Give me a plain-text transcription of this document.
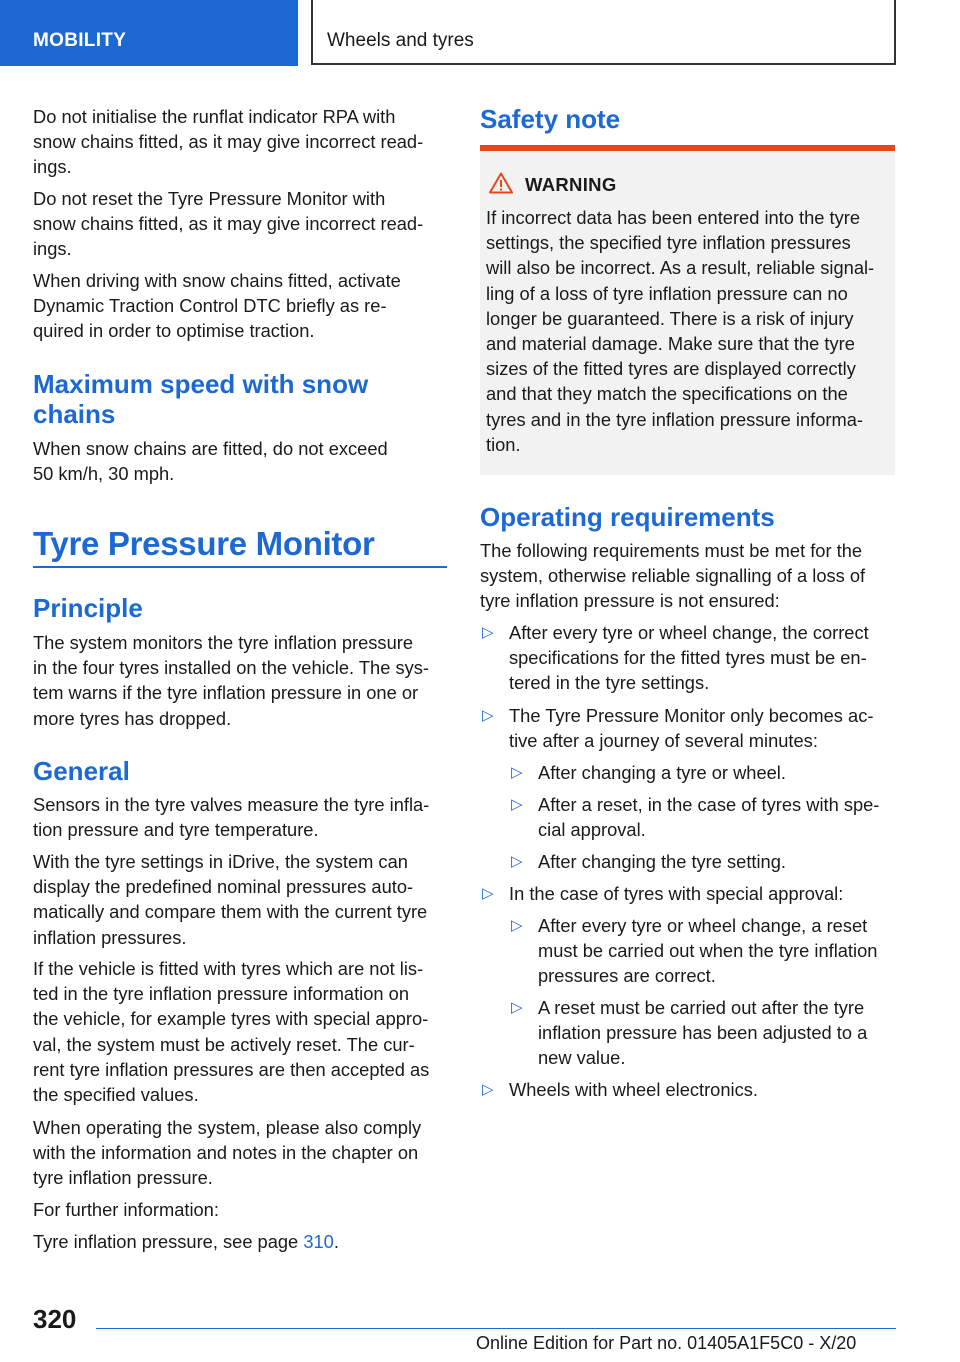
MOBILITY	Wheels and tyres
Do not initialise the runflat indicator RPA with
snow chains fitted, as it may give incorrect read-
ings.
Do not reset the Tyre Pressure Monitor with
snow chains fitted, as it may give incorrect read-
ings.
When driving with snow chains fitted, activate
Dynamic Traction Control DTC briefly as re-
quired in order to optimise traction.
Maximum speed with snow
chains
When snow chains are fitted, do not exceed
50 km/h, 30 mph.
Tyre Pressure Monitor
Principle
The system monitors the tyre inflation pressure
in the four tyres installed on the vehicle. The sys-
tem warns if the tyre inflation pressure in one or
more tyres has dropped.
General
Sensors in the tyre valves measure the tyre infla-
tion pressure and tyre temperature.
With the tyre settings in iDrive, the system can
display the predefined nominal pressures auto-
matically and compare them with the current tyre
inflation pressures.
If the vehicle is fitted with tyres which are not lis-
ted in the tyre inflation pressure information on
the vehicle, for example tyres with special appro-
val, the system must be actively reset. The cur-
rent tyre inflation pressures are then accepted as
the specified values.
When operating the system, please also comply
with the information and notes in the chapter on
tyre inflation pressure.
For further information:
Tyre inflation pressure, see page 310.
Safety note
WARNING
If incorrect data has been entered into the tyre
settings, the specified tyre inflation pressures
will also be incorrect. As a result, reliable signal-
ling of a loss of tyre inflation pressure can no
longer be guaranteed. There is a risk of injury
and material damage. Make sure that the tyre
sizes of the fitted tyres are displayed correctly
and that they match the specifications on the
tyres and in the tyre inflation pressure informa-
tion.
Operating requirements
The following requirements must be met for the
system, otherwise reliable signalling of a loss of
tyre inflation pressure is not ensured:
▷ After every tyre or wheel change, the correct
specifications for the fitted tyres must be en-
tered in the tyre settings.
▷ The Tyre Pressure Monitor only becomes ac-
tive after a journey of several minutes:
▷ After changing a tyre or wheel.
▷ After a reset, in the case of tyres with spe-
cial approval.
▷ After changing the tyre setting.
▷ In the case of tyres with special approval:
▷ After every tyre or wheel change, a reset
must be carried out when the tyre inflation
pressures are correct.
▷ A reset must be carried out after the tyre
inflation pressure has been adjusted to a
new value.
▷ Wheels with wheel electronics.
320
Online Edition for Part no. 01405A1F5C0 - X/20
